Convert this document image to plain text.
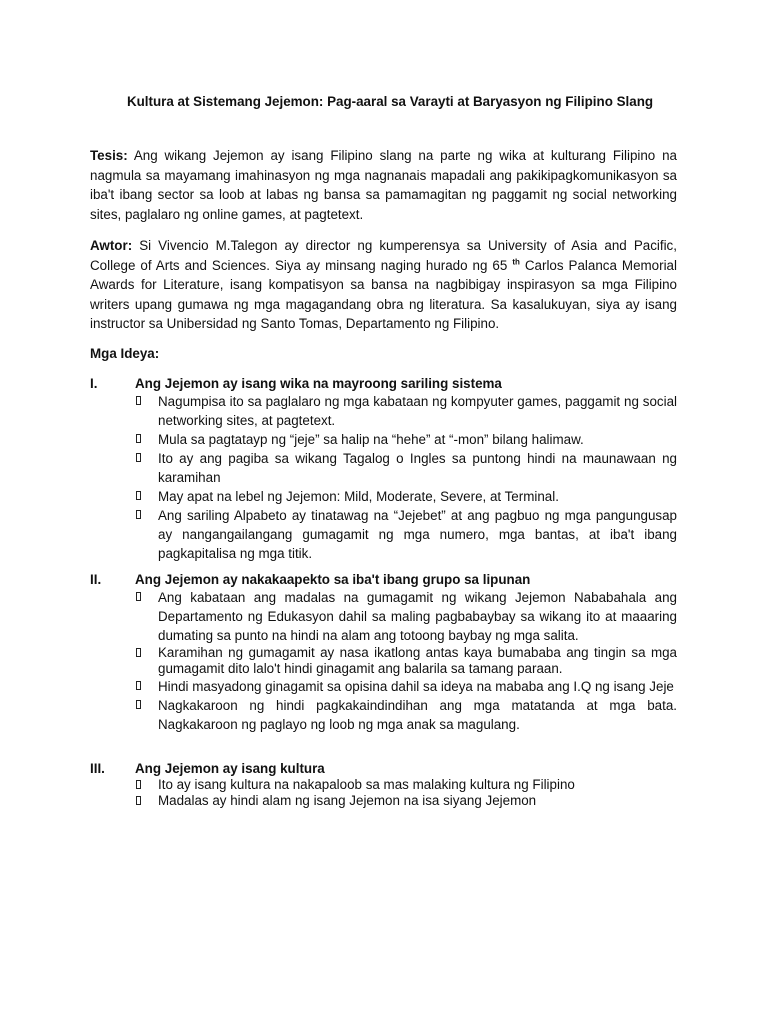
Kultura at Sistemang Jejemon: Pag-aaral sa Varayti at Baryasyon ng Filipino Slang
Tesis: Ang wikang Jejemon ay isang Filipino slang na parte ng wika at kulturang Filipino na nagmula sa mayamang imahinasyon ng mga nagnanais mapadali ang pakikipagkomunikasyon sa iba't ibang sector sa loob at labas ng bansa sa pamamagitan ng paggamit ng social networking sites, paglalaro ng online games, at pagtetext.
Awtor: Si Vivencio M.Talegon ay director ng kumperensya sa University of Asia and Pacific, College of Arts and Sciences. Siya ay minsang naging hurado ng 65 $^{th}$ Carlos Palanca Memorial Awards for Literature, isang kompatisyon sa bansa na nagbibigay inspirasyon sa mga Filipino writers upang gumawa ng mga magagandang obra ng literatura. Sa kasalukuyan, siya ay isang instructor sa Unibersidad ng Santo Tomas, Departamento ng Filipino.
Mga Ideya:
I.	Ang Jejemon ay isang wika na mayroong sariling sistema
Nagumpisa ito sa paglalaro ng mga kabataan ng kompyuter games, paggamit ng social networking sites, at pagtetext.
Mula sa pagtatayp ng “jeje” sa halip na “hehe” at “-mon” bilang halimaw.
Ito ay ang pagiba sa wikang Tagalog o Ingles sa puntong hindi na maunawaan ng karamihan
May apat na lebel ng Jejemon: Mild, Moderate, Severe, at Terminal.
Ang sariling Alpabeto ay tinatawag na “Jejebet” at ang pagbuo ng mga pangungusap ay nangangailangang gumagamit ng mga numero, mga bantas, at iba't ibang pagkapitalisa ng mga titik.
II.	Ang Jejemon ay nakakaapekto sa iba't ibang grupo sa lipunan
Ang kabataan ang madalas na gumagamit ng wikang Jejemon Nababahala ang Departamento ng Edukasyon dahil sa maling pagbabaybay sa wikang ito at maaaring dumating sa punto na hindi na alam ang totoong baybay ng mga salita.
Karamihan ng gumagamit ay nasa ikatlong antas kaya bumababa ang tingin sa mga gumagamit dito lalo't hindi ginagamit ang balarila sa tamang paraan.
Hindi masyadong ginagamit sa opisina dahil sa ideya na mababa ang I.Q ng isang Jeje
Nagkakaroon ng hindi pagkakaindindihan ang mga matatanda at mga bata. Nagkakaroon ng paglayo ng loob ng mga anak sa magulang.
III. Ang Jejemon ay isang kultura
Ito ay isang kultura na nakapaloob sa mas malaking kultura ng Filipino
Madalas ay hindi alam ng isang Jejemon na isa siyang Jejemon
